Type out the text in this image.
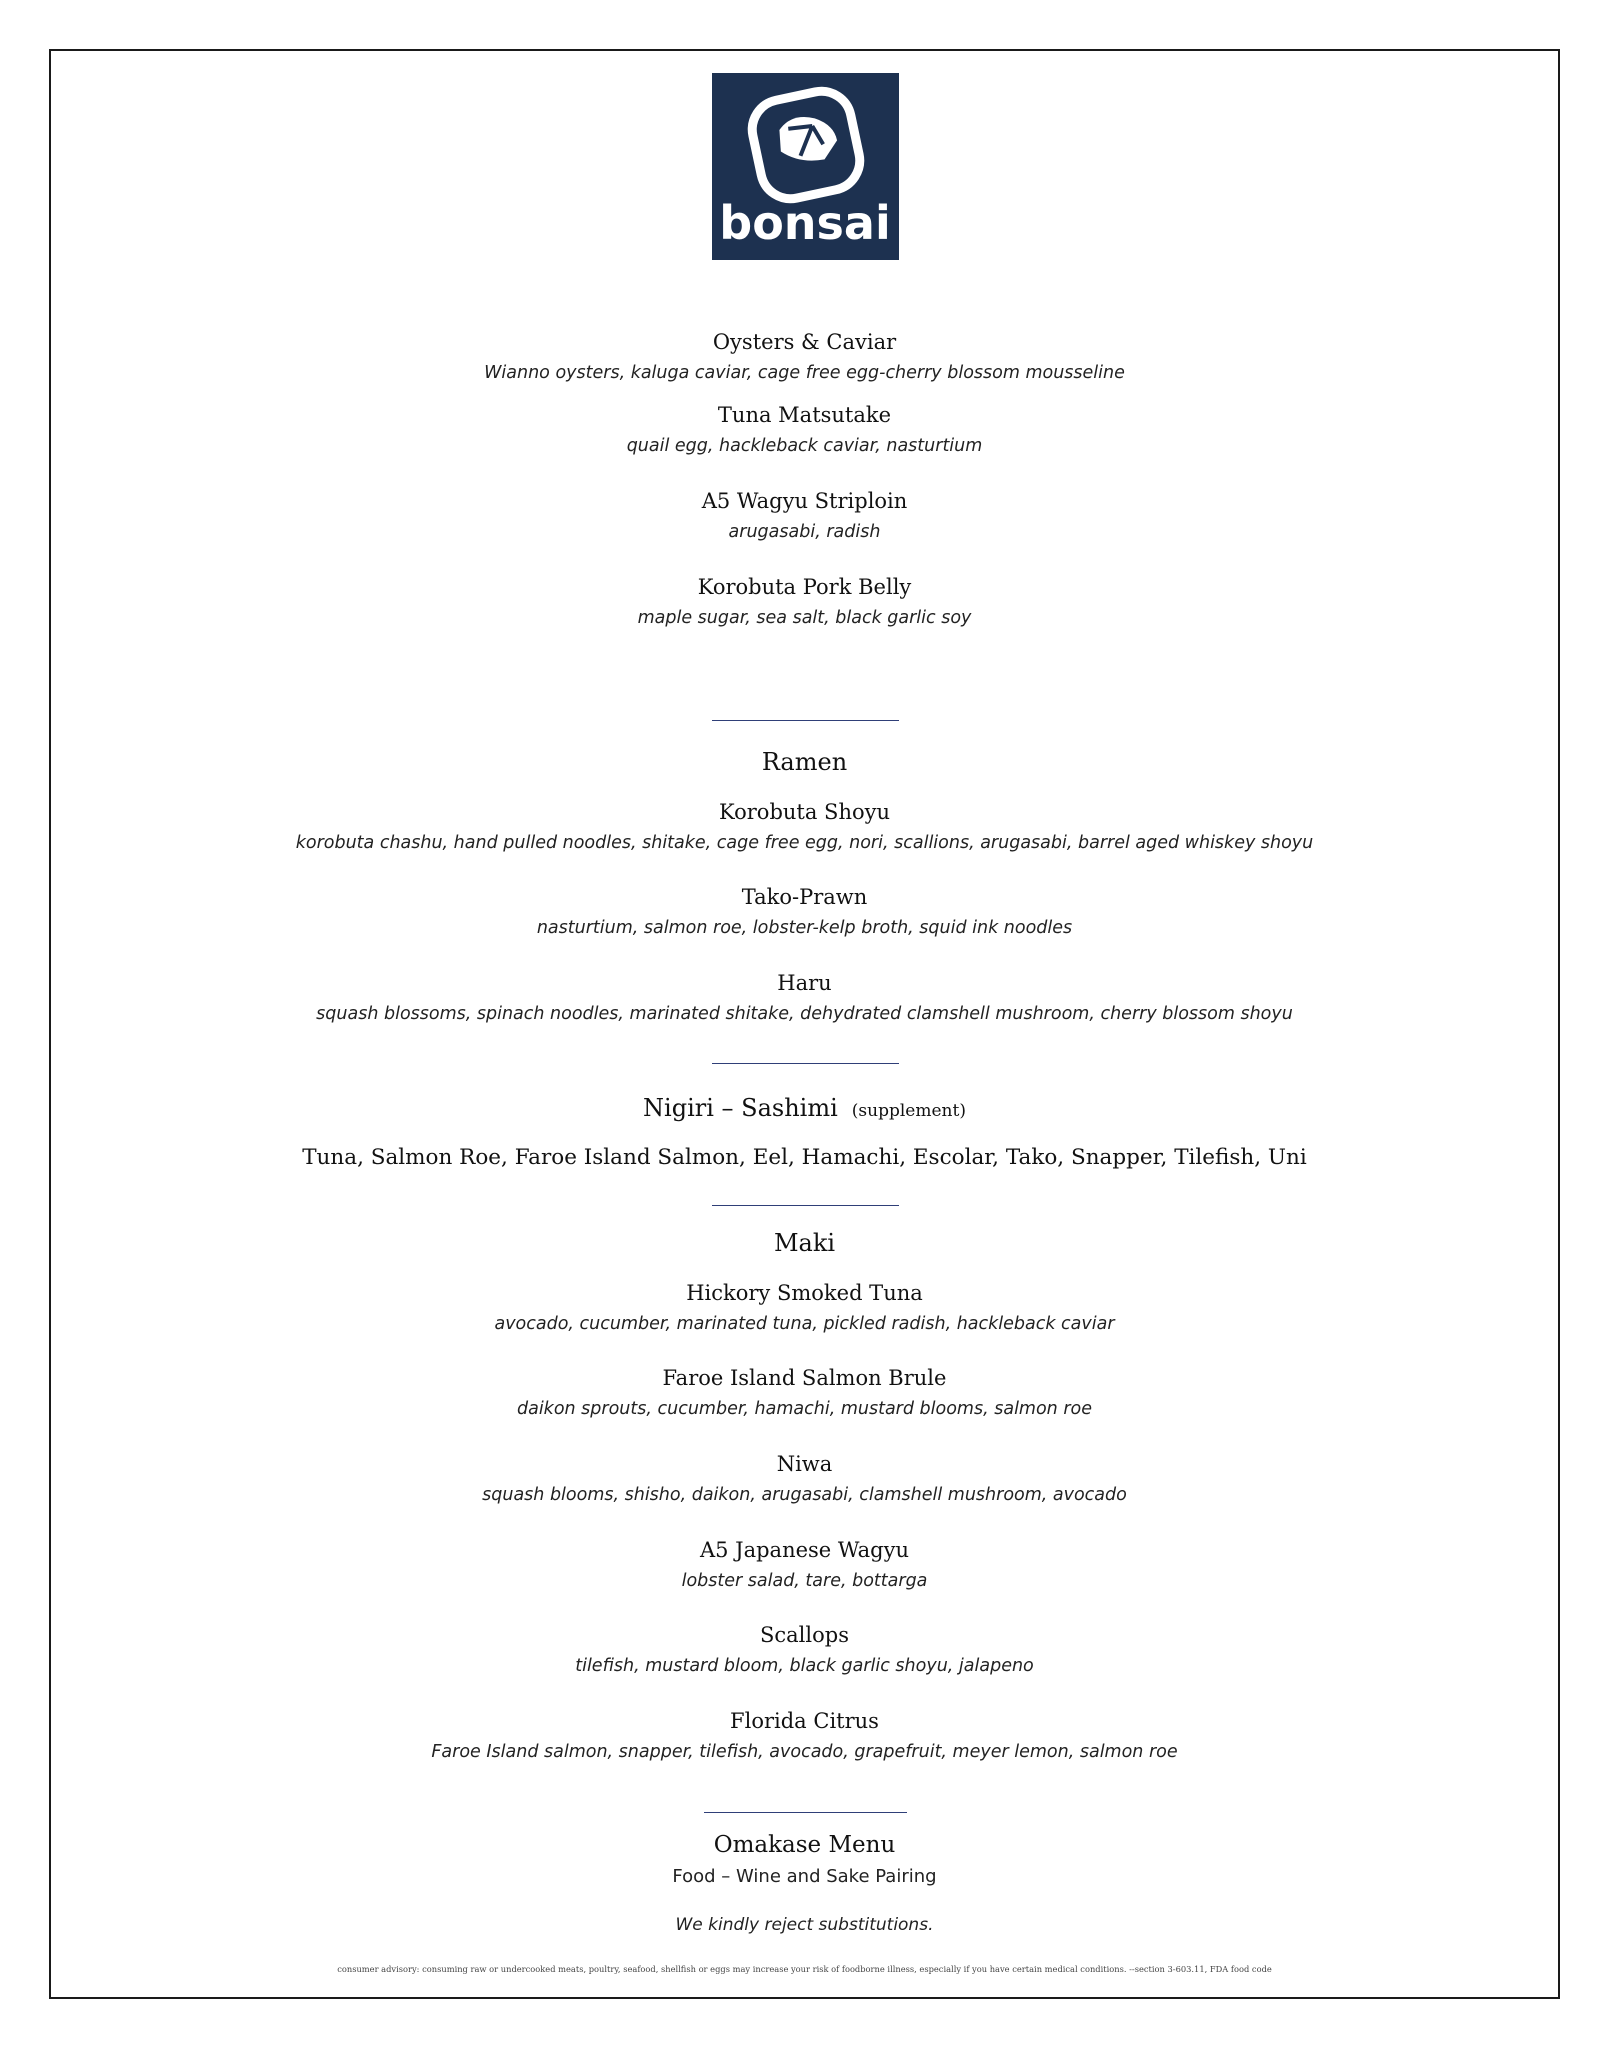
bonsai
Oysters & Caviar
Wianno oysters, kaluga caviar, cage free egg-cherry blossom mousseline
Tuna Matsutake
quail egg, hackleback caviar, nasturtium
A5 Wagyu Striploin
arugasabi, radish
Korobuta Pork Belly
maple sugar, sea salt, black garlic soy
Ramen
Korobuta Shoyu
korobuta chashu, hand pulled noodles, shitake, cage free egg, nori, scallions, arugasabi, barrel aged whiskey shoyu
Tako-Prawn
nasturtium, salmon roe, lobster-kelp broth, squid ink noodles
Haru
squash blossoms, spinach noodles, marinated shitake, dehydrated clamshell mushroom, cherry blossom shoyu
Nigiri – Sashimi (supplement)
Tuna, Salmon Roe, Faroe Island Salmon, Eel, Hamachi, Escolar, Tako, Snapper, Tilefish, Uni
Maki
Hickory Smoked Tuna
avocado, cucumber, marinated tuna, pickled radish, hackleback caviar
Faroe Island Salmon Brule
daikon sprouts, cucumber, hamachi, mustard blooms, salmon roe
Niwa
squash blooms, shisho, daikon, arugasabi, clamshell mushroom, avocado
A5 Japanese Wagyu
lobster salad, tare, bottarga
Scallops
tilefish, mustard bloom, black garlic shoyu, jalapeno
Florida Citrus
Faroe Island salmon, snapper, tilefish, avocado, grapefruit, meyer lemon, salmon roe
Omakase Menu
Food – Wine and Sake Pairing
We kindly reject substitutions.
consumer advisory: consuming raw or undercooked meats, poultry, seafood, shellfish or eggs may increase your risk of foodborne illness, especially if you have certain medical conditions. --section 3-603.11, FDA food code
